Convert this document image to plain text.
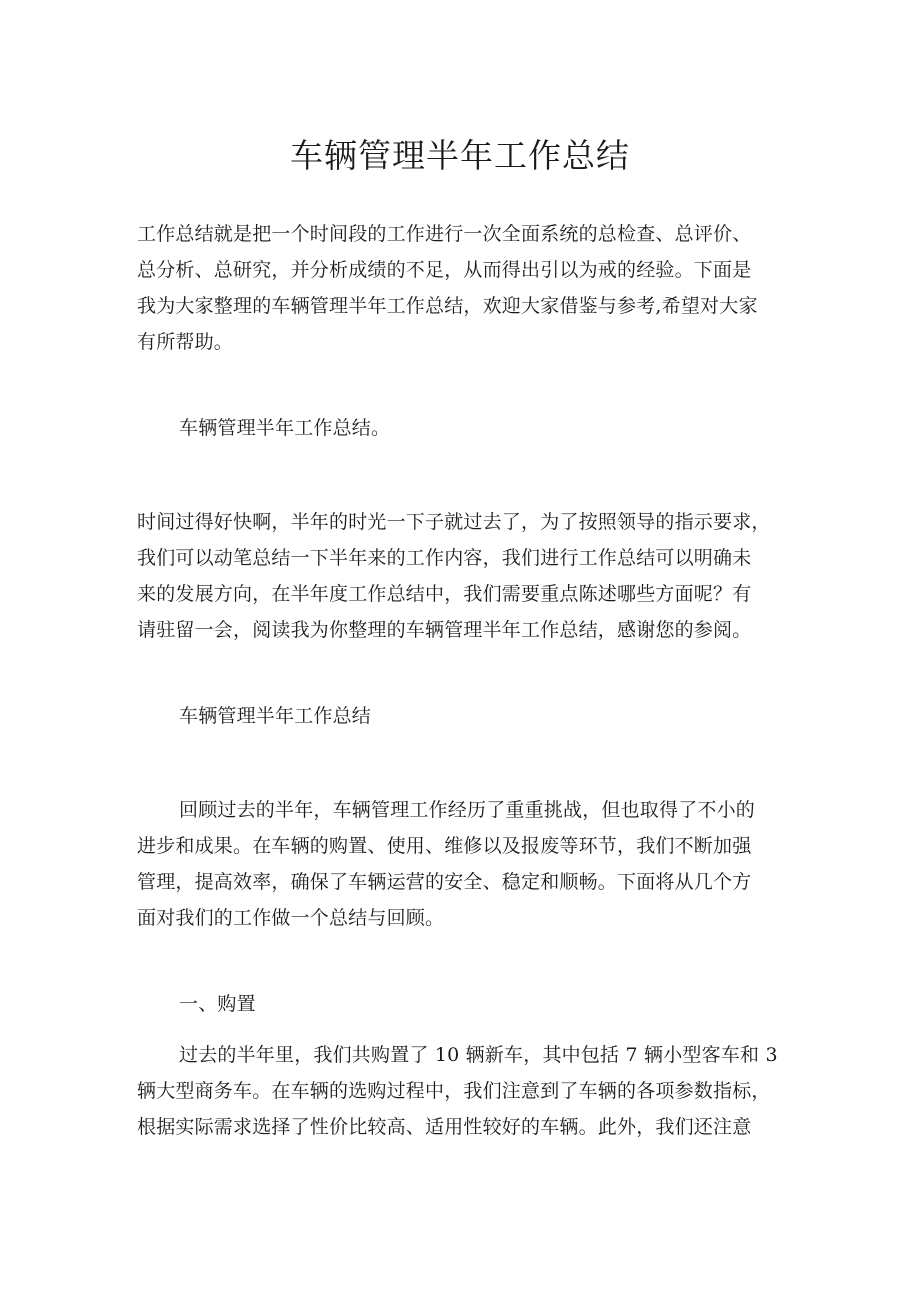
车辆管理半年工作总结

工作总结就是把一个时间段的工作进行一次全面系统的总检查、总评价、
总分析、总研究，并分析成绩的不足，从而得出引以为戒的经验。下面是
我为大家整理的车辆管理半年工作总结，欢迎大家借鉴与参考,希望对大家
有所帮助。

车辆管理半年工作总结。

时间过得好快啊，半年的时光一下子就过去了，为了按照领导的指示要求，
我们可以动笔总结一下半年来的工作内容，我们进行工作总结可以明确未
来的发展方向，在半年度工作总结中，我们需要重点陈述哪些方面呢？有
请驻留一会，阅读我为你整理的车辆管理半年工作总结，感谢您的参阅。

车辆管理半年工作总结

回顾过去的半年，车辆管理工作经历了重重挑战，但也取得了不小的
进步和成果。在车辆的购置、使用、维修以及报废等环节，我们不断加强
管理，提高效率，确保了车辆运营的安全、稳定和顺畅。下面将从几个方
面对我们的工作做一个总结与回顾。

一、购置

过去的半年里，我们共购置了 10 辆新车，其中包括 7 辆小型客车和 3
辆大型商务车。在车辆的选购过程中，我们注意到了车辆的各项参数指标，
根据实际需求选择了性价比较高、适用性较好的车辆。此外，我们还注意
